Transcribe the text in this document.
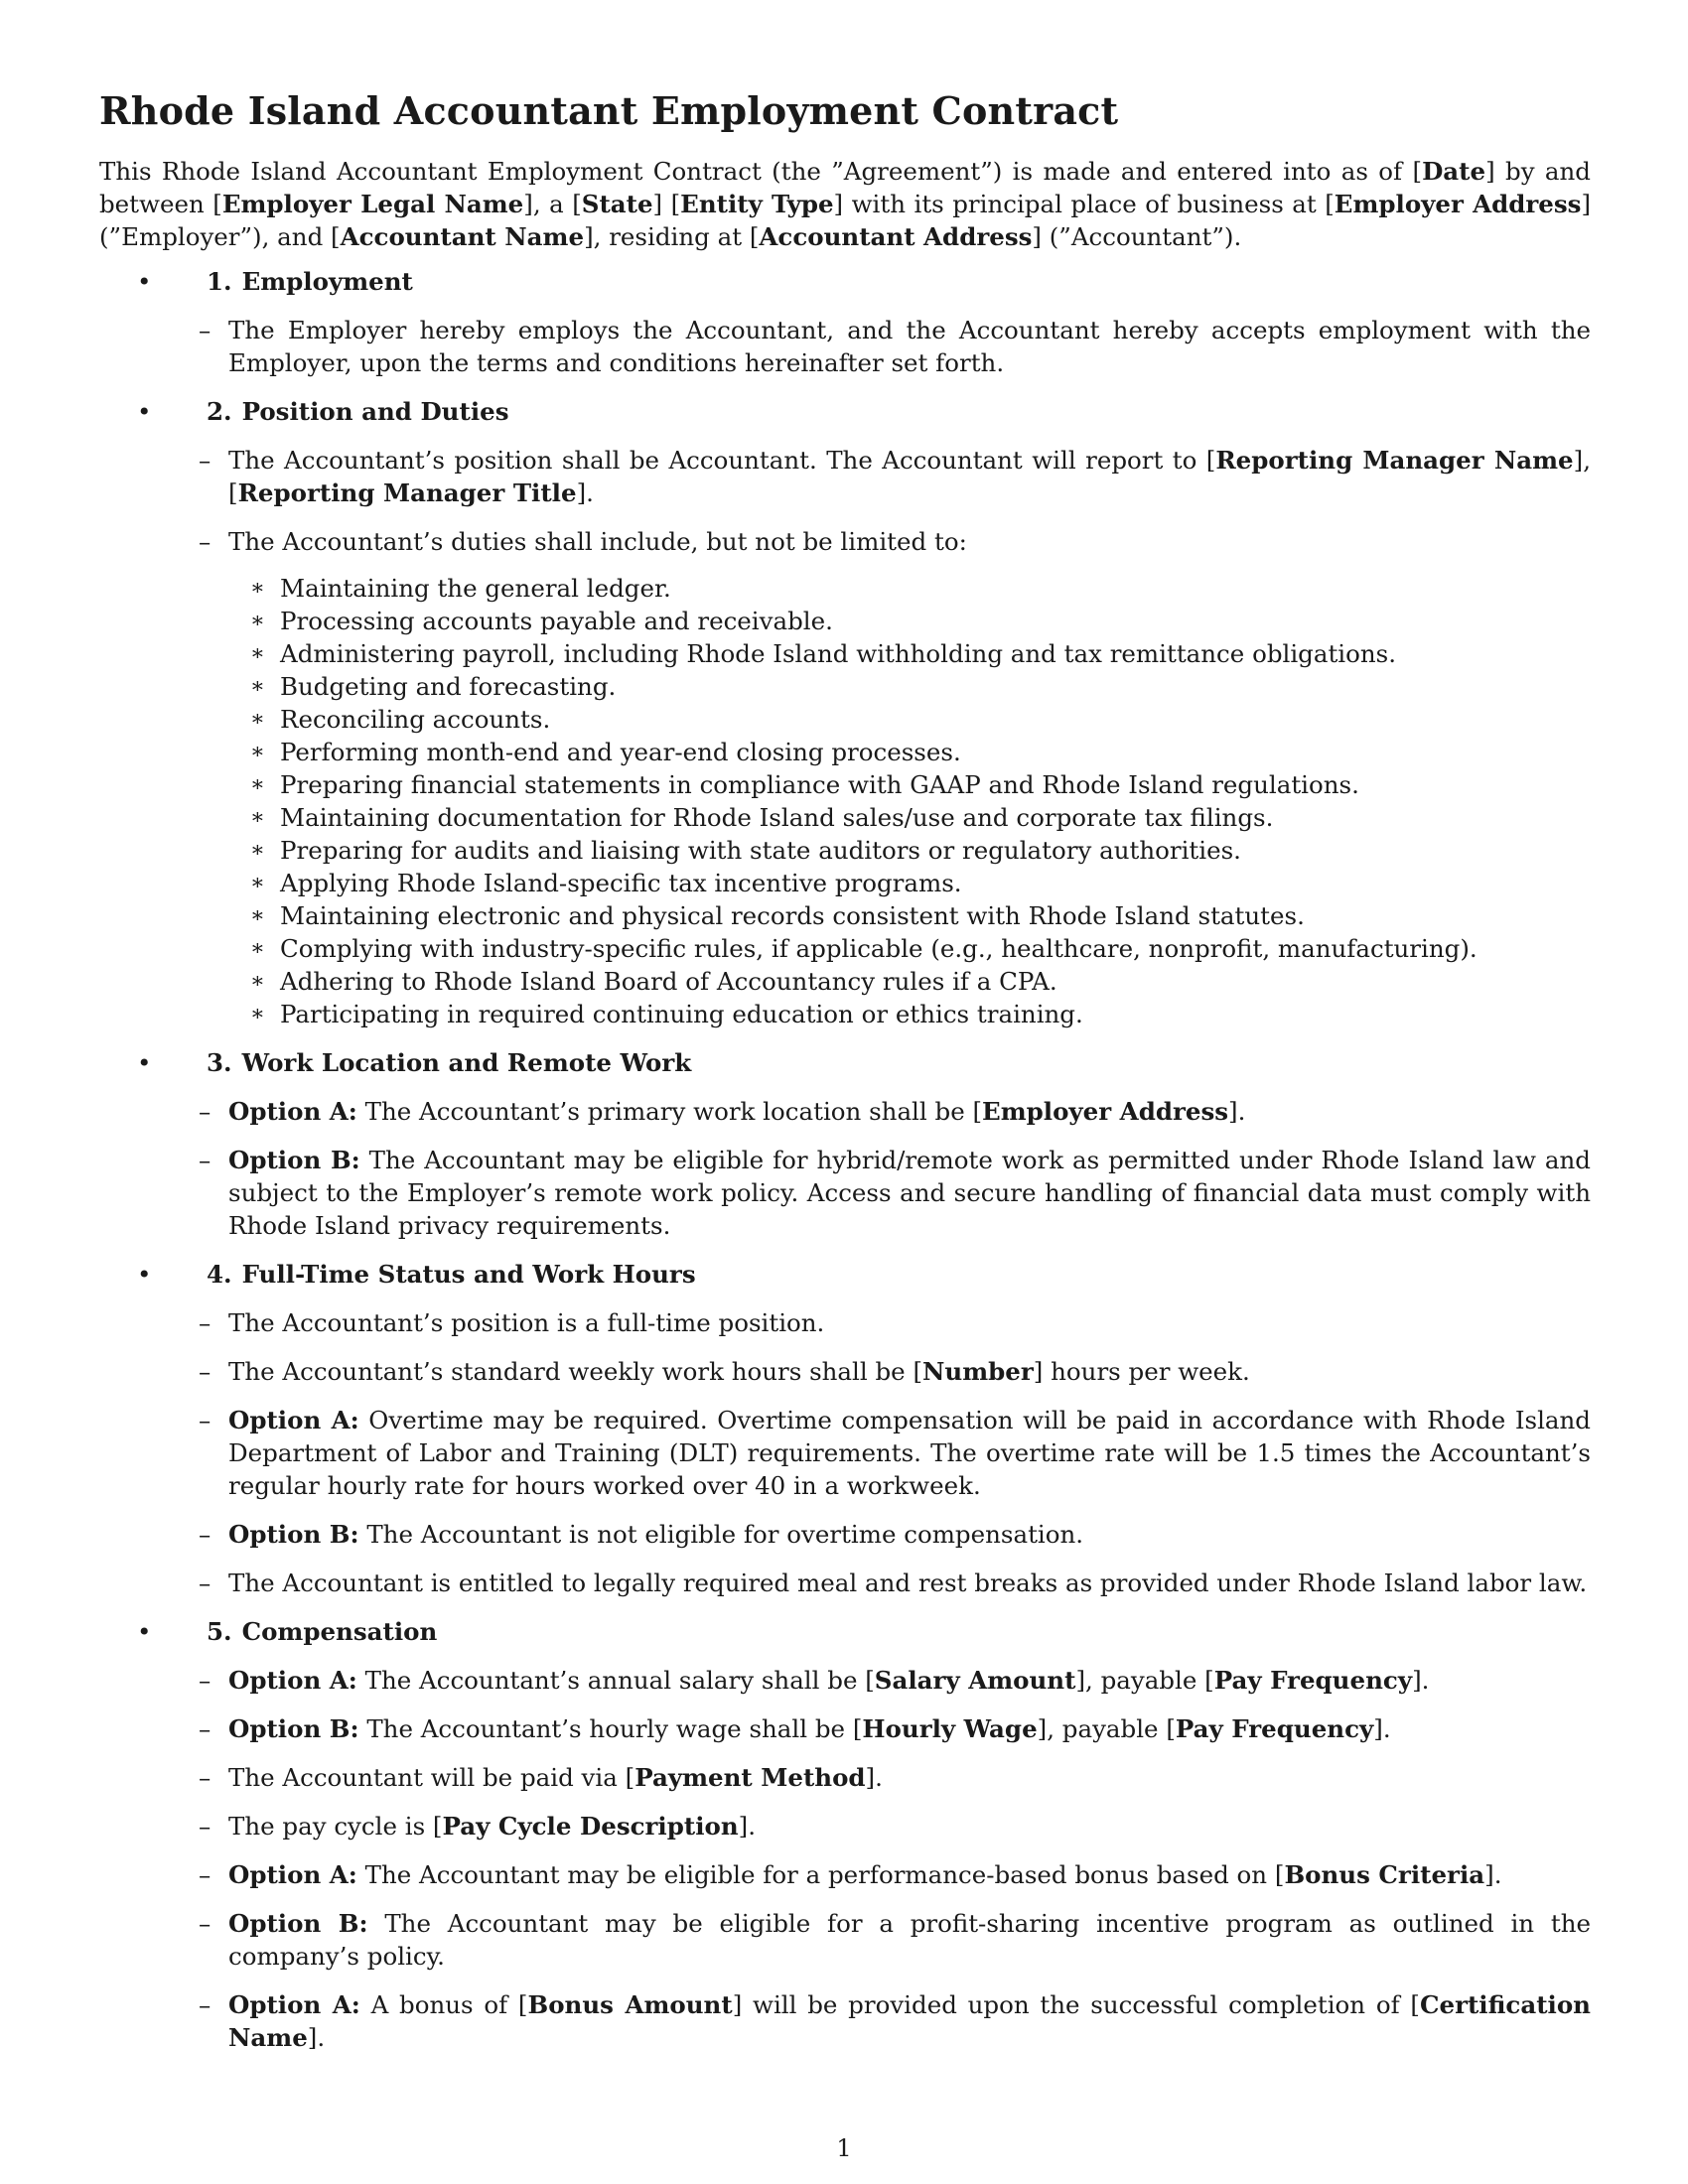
Rhode Island Accountant Employment Contract

This Rhode Island Accountant Employment Contract (the ”Agreement”) is made and entered into as of [Date] by and between [Employer Legal Name], a [State] [Entity Type] with its principal place of business at [Employer Address] (”Employer”), and [Accountant Name], residing at [Accountant Address] (”Accountant”).

• 1. Employment
– The Employer hereby employs the Accountant, and the Accountant hereby accepts employment with the Employer, upon the terms and conditions hereinafter set forth.
• 2. Position and Duties
– The Accountant’s position shall be Accountant. The Accountant will report to [Reporting Manager Name], [Reporting Manager Title].
– The Accountant’s duties shall include, but not be limited to:
∗ Maintaining the general ledger.
∗ Processing accounts payable and receivable.
∗ Administering payroll, including Rhode Island withholding and tax remittance obligations.
∗ Budgeting and forecasting.
∗ Reconciling accounts.
∗ Performing month-end and year-end closing processes.
∗ Preparing financial statements in compliance with GAAP and Rhode Island regulations.
∗ Maintaining documentation for Rhode Island sales/use and corporate tax filings.
∗ Preparing for audits and liaising with state auditors or regulatory authorities.
∗ Applying Rhode Island-specific tax incentive programs.
∗ Maintaining electronic and physical records consistent with Rhode Island statutes.
∗ Complying with industry-specific rules, if applicable (e.g., healthcare, nonprofit, manufacturing).
∗ Adhering to Rhode Island Board of Accountancy rules if a CPA.
∗ Participating in required continuing education or ethics training.
• 3. Work Location and Remote Work
– Option A: The Accountant’s primary work location shall be [Employer Address].
– Option B: The Accountant may be eligible for hybrid/remote work as permitted under Rhode Island law and subject to the Employer’s remote work policy. Access and secure handling of financial data must comply with Rhode Island privacy requirements.
• 4. Full-Time Status and Work Hours
– The Accountant’s position is a full-time position.
– The Accountant’s standard weekly work hours shall be [Number] hours per week.
– Option A: Overtime may be required. Overtime compensation will be paid in accordance with Rhode Island Department of Labor and Training (DLT) requirements. The overtime rate will be 1.5 times the Accountant’s regular hourly rate for hours worked over 40 in a workweek.
– Option B: The Accountant is not eligible for overtime compensation.
– The Accountant is entitled to legally required meal and rest breaks as provided under Rhode Island labor law.
• 5. Compensation
– Option A: The Accountant’s annual salary shall be [Salary Amount], payable [Pay Frequency].
– Option B: The Accountant’s hourly wage shall be [Hourly Wage], payable [Pay Frequency].
– The Accountant will be paid via [Payment Method].
– The pay cycle is [Pay Cycle Description].
– Option A: The Accountant may be eligible for a performance-based bonus based on [Bonus Criteria].
– Option B: The Accountant may be eligible for a profit-sharing incentive program as outlined in the company’s policy.
– Option A: A bonus of [Bonus Amount] will be provided upon the successful completion of [Certification Name].
1
